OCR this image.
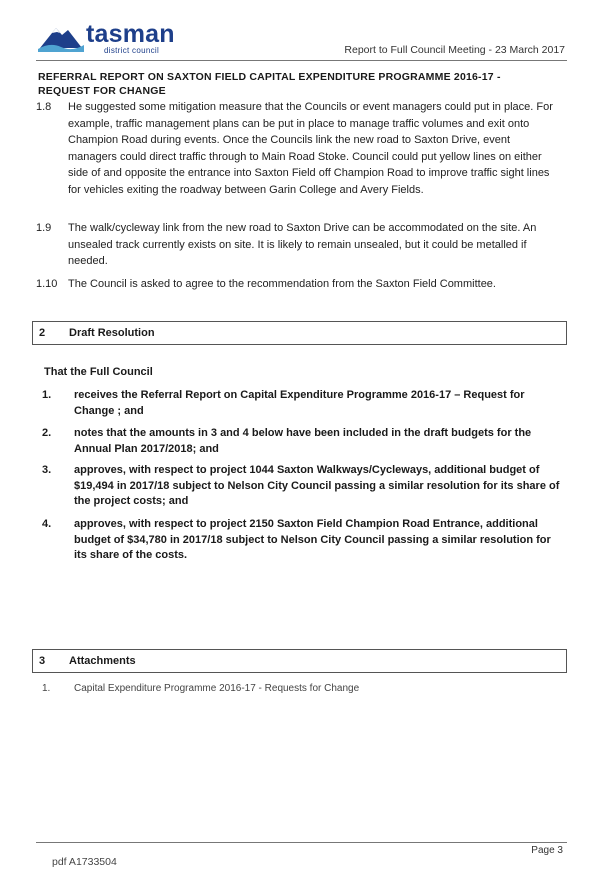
tasman
district council	Report to Full Council Meeting - 23 March 2017
REFERRAL REPORT ON SAXTON FIELD CAPITAL EXPENDITURE PROGRAMME 2016-17 - REQUEST FOR CHANGE
1.8 He suggested some mitigation measure that the Councils or event managers could put in place. For example, traffic management plans can be put in place to manage traffic volumes and exit onto Champion Road during events. Once the Councils link the new road to Saxton Drive, event managers could direct traffic through to Main Road Stoke. Council could put yellow lines on either side of and opposite the entrance into Saxton Field off Champion Road to improve traffic sight lines for vehicles exiting the roadway between Garin College and Avery Fields.
1.9 The walk/cycleway link from the new road to Saxton Drive can be accommodated on the site. An unsealed track currently exists on site. It is likely to remain unsealed, but it could be metalled if needed.
1.10 The Council is asked to agree to the recommendation from the Saxton Field Committee.
2 Draft Resolution
That the Full Council
1. receives the Referral Report on Capital Expenditure Programme 2016-17 – Request for Change ; and
2. notes that the amounts in 3 and 4 below have been included in the draft budgets for the Annual Plan 2017/2018; and
3. approves, with respect to project 1044 Saxton Walkways/Cycleways, additional budget of $19,494 in 2017/18 subject to Nelson City Council passing a similar resolution for its share of the project costs; and
4. approves, with respect to project 2150 Saxton Field Champion Road Entrance, additional budget of $34,780 in 2017/18 subject to Nelson City Council passing a similar resolution for its share of the costs.
3 Attachments
1. Capital Expenditure Programme 2016-17 - Requests for Change
Page 3
pdf A1733504
